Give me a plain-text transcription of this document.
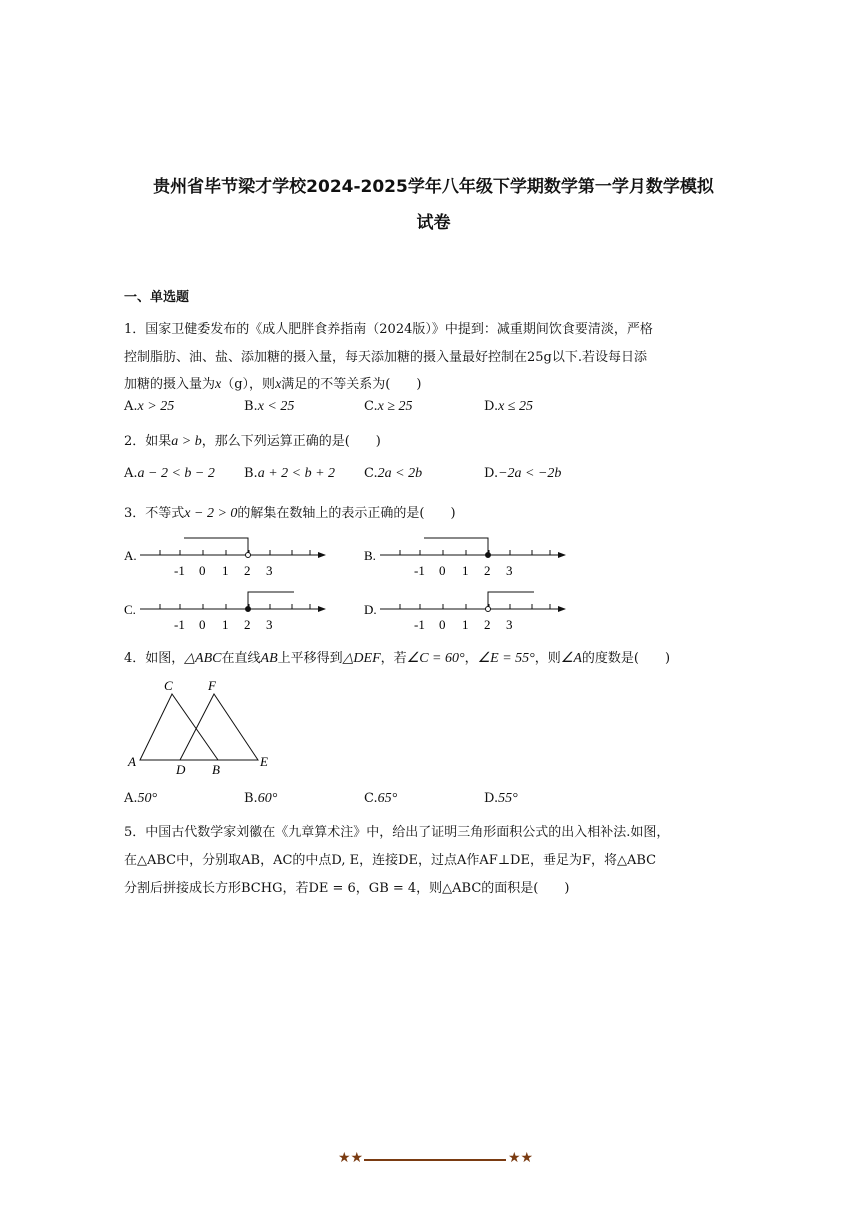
贵州省毕节梁才学校2024-2025学年八年级下学期数学第一学月数学模拟
试卷
一、单选题
1．国家卫健委发布的《成人肥胖食养指南（2024版）》中提到：减重期间饮食要清淡，严格
控制脂肪、油、盐、添加糖的摄入量，每天添加糖的摄入量最好控制在25g以下.若设每日添
加糖的摄入量为x（g），则x满足的不等关系为(　　)
A.x > 25	B.x < 25	C.x ≥ 25	D.x ≤ 25
2．如果a > b，那么下列运算正确的是(　　)
A.a − 2 < b − 2 B.a + 2 < b + 2 C.2a < 2b	D.−2a < −2b
3．不等式x − 2 > 0的解集在数轴上的表示正确的是(　　)
A.
-1 0 1 2 3
B.
-1 0 1 2 3
C.
-1 0 1 2 3
D.
-1 0 1 2 3
4．如图，△ABC在直线AB上平移得到△DEF，若∠C = 60°，∠E = 55°，则∠A的度数是(　　)
A
B
C
D
E
F
A.50°	B.60°	C.65°	D.55°
5．中国古代数学家刘徽在《九章算术注》中，给出了证明三角形面积公式的出入相补法.如图，
在△ABC中，分别取AB，AC的中点D, E，连接DE，过点A作AF⊥DE，垂足为F，将△ABC
分割后拼接成长方形BCHG，若DE = 6，GB = 4，则△ABC的面积是(　　)
★★	★★
